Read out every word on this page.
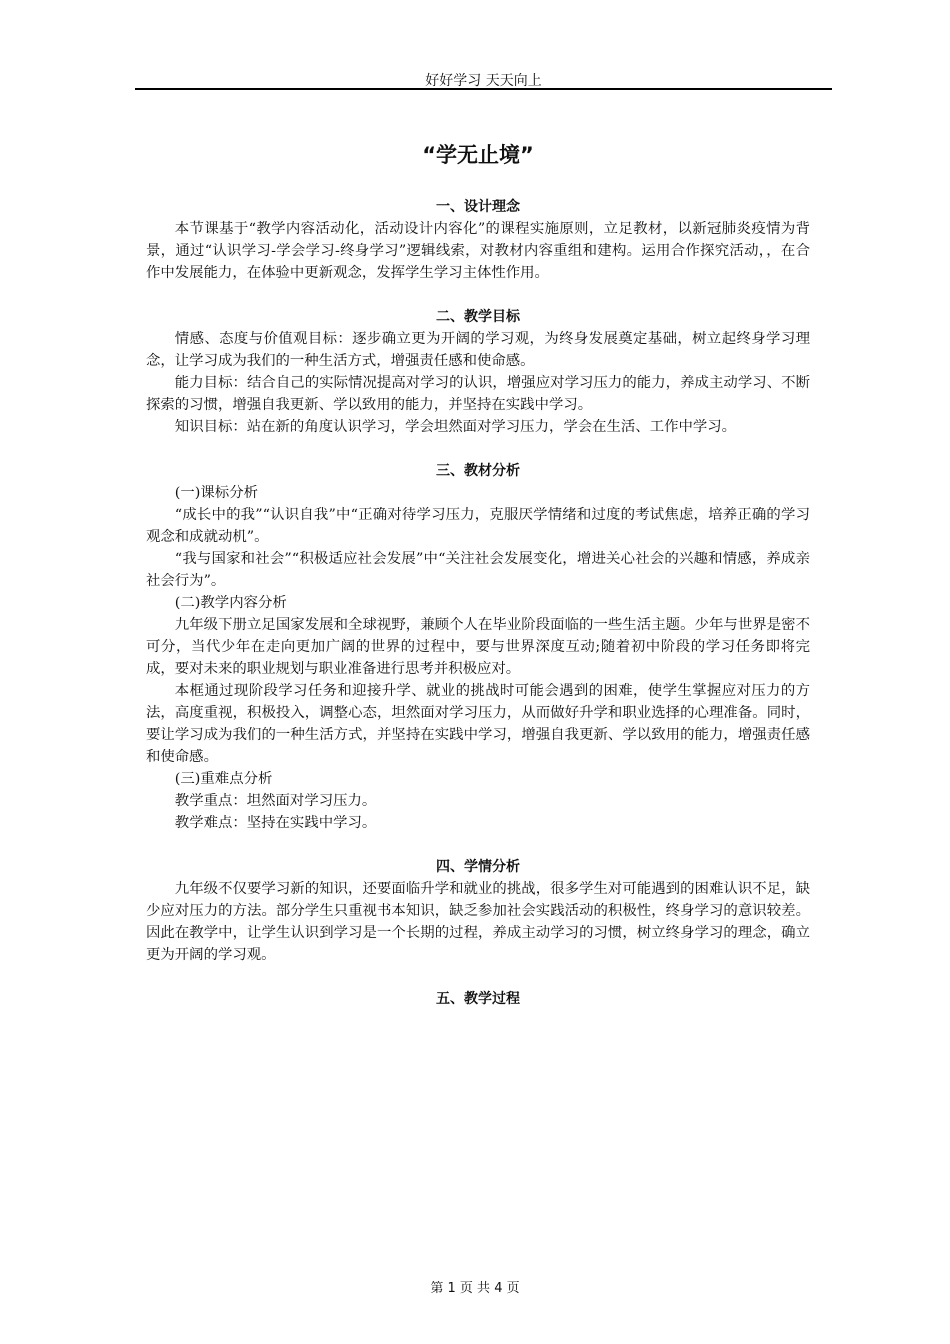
好好学习 天天向上
“学无止境”
一、设计理念

本节课基于“教学内容活动化，活动设计内容化”的课程实施原则，立足教材，以新冠肺炎疫情为背景，通过“认识学习-学会学习-终身学习”逻辑线索，对教材内容重组和建构。运用合作探究活动，，在合作中发展能力，在体验中更新观念，发挥学生学习主体性作用。

二、教学目标

情感、态度与价值观目标：逐步确立更为开阔的学习观，为终身发展奠定基础，树立起终身学习理念，让学习成为我们的一种生活方式，增强责任感和使命感。

能力目标：结合自己的实际情况提高对学习的认识，增强应对学习压力的能力，养成主动学习、不断探索的习惯，增强自我更新、学以致用的能力，并坚持在实践中学习。

知识目标：站在新的角度认识学习，学会坦然面对学习压力，学会在生活、工作中学习。

三、教材分析

(一)课标分析

“成长中的我”“认识自我”中“正确对待学习压力，克服厌学情绪和过度的考试焦虑，培养正确的学习观念和成就动机”。

“我与国家和社会”“积极适应社会发展”中“关注社会发展变化，增进关心社会的兴趣和情感，养成亲社会行为”。

(二)教学内容分析

九年级下册立足国家发展和全球视野，兼顾个人在毕业阶段面临的一些生活主题。少年与世界是密不可分，当代少年在走向更加广阔的世界的过程中，要与世界深度互动;随着初中阶段的学习任务即将完成，要对未来的职业规划与职业准备进行思考并积极应对。

本框通过现阶段学习任务和迎接升学、就业的挑战时可能会遇到的困难，使学生掌握应对压力的方法，高度重视，积极投入，调整心态，坦然面对学习压力，从而做好升学和职业选择的心理准备。同时，要让学习成为我们的一种生活方式，并坚持在实践中学习，增强自我更新、学以致用的能力，增强责任感和使命感。

(三)重难点分析

教学重点：坦然面对学习压力。

教学难点：坚持在实践中学习。

四、学情分析

九年级不仅要学习新的知识，还要面临升学和就业的挑战，很多学生对可能遇到的困难认识不足，缺少应对压力的方法。部分学生只重视书本知识，缺乏参加社会实践活动的积极性，终身学习的意识较差。因此在教学中，让学生认识到学习是一个长期的过程，养成主动学习的习惯，树立终身学习的理念，确立更为开阔的学习观。

五、教学过程
第 1 页 共 4 页
